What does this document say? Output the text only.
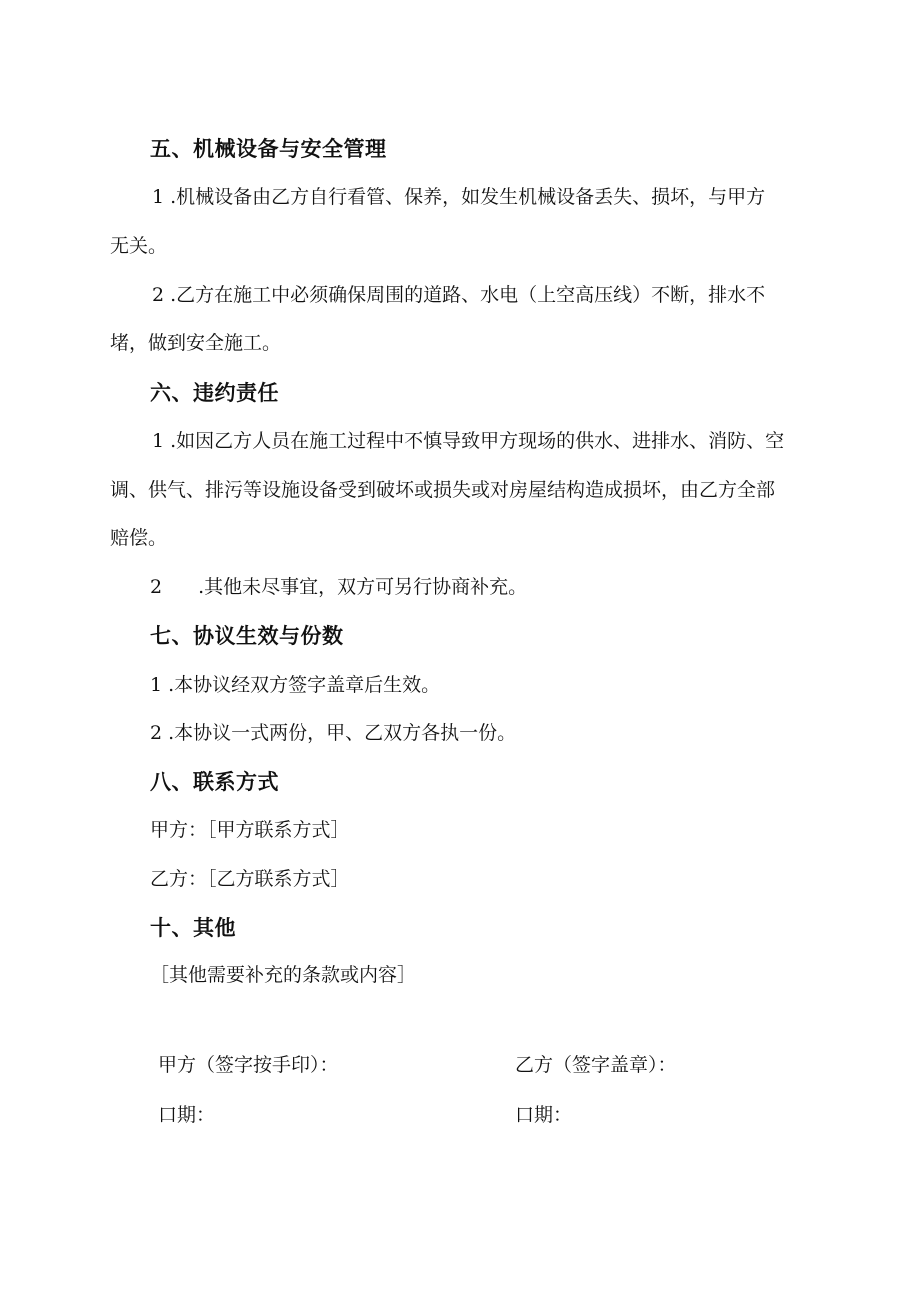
五、机械设备与安全管理
1 .机械设备由乙方自行看管、保养，如发生机械设备丢失、损坏，与甲方
无关。
2 .乙方在施工中必须确保周围的道路、水电（上空高压线）不断，排水不
堵，做到安全施工。
六、违约责任
1 .如因乙方人员在施工过程中不慎导致甲方现场的供水、进排水、消防、空
调、供气、排污等设施设备受到破坏或损失或对房屋结构造成损坏，由乙方全部
赔偿。
2 .其他未尽事宜，双方可另行协商补充。
七、协议生效与份数
1 .本协议经双方签字盖章后生效。
2 .本协议一式两份，甲、乙双方各执一份。
八、联系方式
甲方：［甲方联系方式］
乙方：［乙方联系方式］
十、其他
［其他需要补充的条款或内容］
甲方（签字按手印）：	乙方（签字盖章）：
口期：	口期：
